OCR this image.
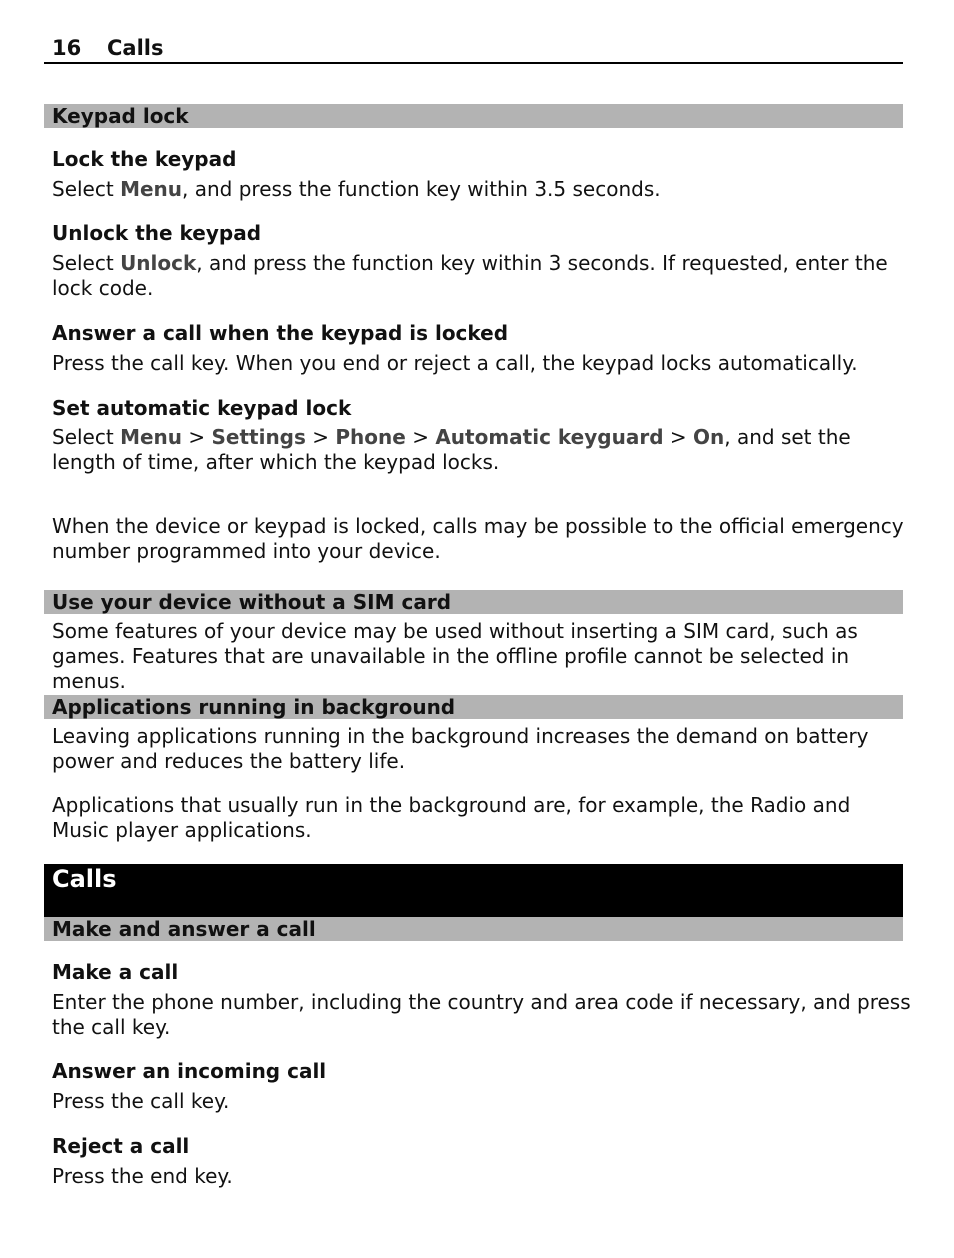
16 Calls
Keypad lock
Lock the keypad
Select Menu, and press the function key within 3.5 seconds.
Unlock the keypad
Select Unlock, and press the function key within 3 seconds. If requested, enter the lock code.
Answer a call when the keypad is locked
Press the call key. When you end or reject a call, the keypad locks automatically.
Set automatic keypad lock
Select Menu > Settings > Phone > Automatic keyguard > On, and set the length of time, after which the keypad locks.
When the device or keypad is locked, calls may be possible to the official emergency number programmed into your device.
Use your device without a SIM card
Some features of your device may be used without inserting a SIM card, such as games. Features that are unavailable in the offline profile cannot be selected in menus.
Applications running in background
Leaving applications running in the background increases the demand on battery power and reduces the battery life.
Applications that usually run in the background are, for example, the Radio and Music player applications.
Calls
Make and answer a call
Make a call
Enter the phone number, including the country and area code if necessary, and press the call key.
Answer an incoming call
Press the call key.
Reject a call
Press the end key.
